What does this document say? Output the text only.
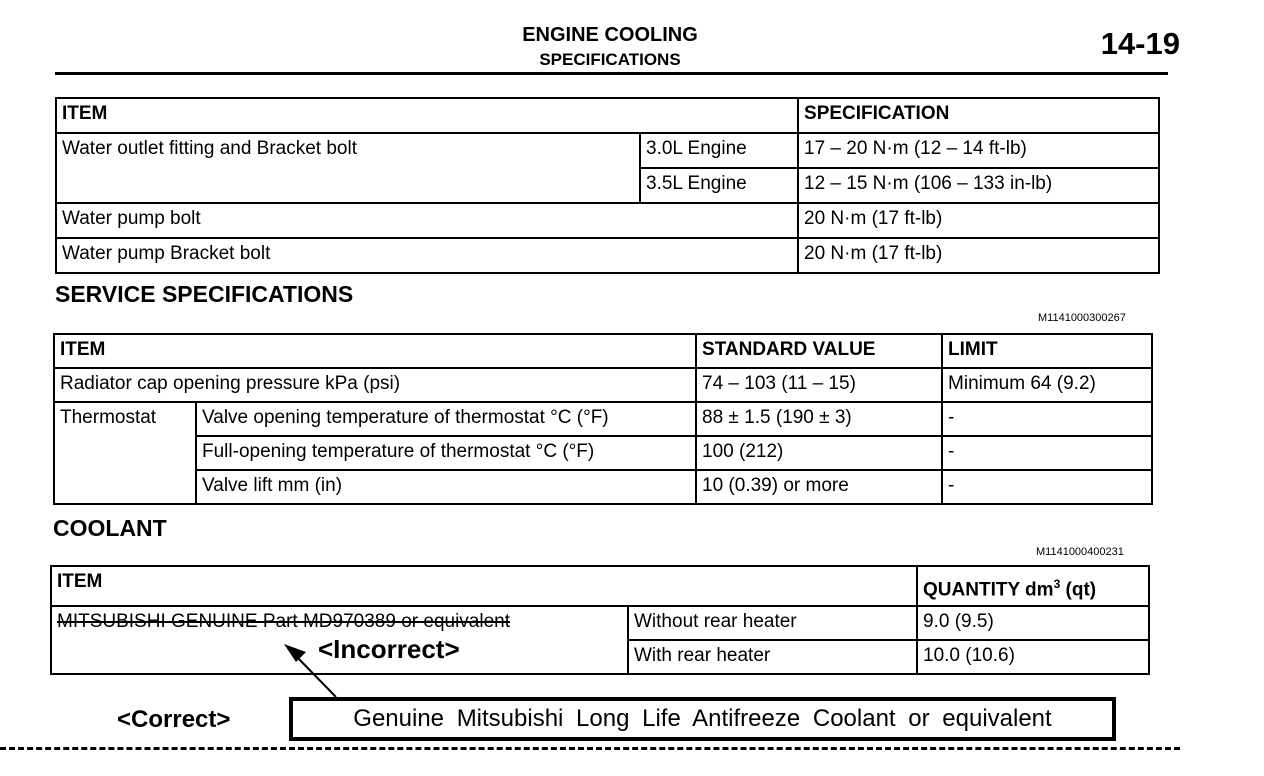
ENGINE COOLING
SPECIFICATIONS	14-19
ITEM		SPECIFICATION
Water outlet fitting and Bracket bolt	3.0L Engine	17 – 20 N·m (12 – 14 ft-lb)
	3.5L Engine	12 – 15 N·m (106 – 133 in-lb)
Water pump bolt		20 N·m (17 ft-lb)
Water pump Bracket bolt		20 N·m (17 ft-lb)
SERVICE SPECIFICATIONS
M1141000300267
ITEM		STANDARD VALUE	LIMIT
Radiator cap opening pressure kPa (psi)		74 – 103 (11 – 15)	Minimum 64 (9.2)
Thermostat	Valve opening temperature of thermostat °C (°F)	88 ± 1.5 (190 ± 3)	-
	Full-opening temperature of thermostat °C (°F)	100 (212)	-
	Valve lift mm (in)	10 (0.39) or more	-
COOLANT
M1141000400231
ITEM		QUANTITY $dm^3$ (qt)
MITSUBISHI GENUINE Part MD970389 or equivalent	Without rear heater	9.0 (9.5)
	With rear heater	10.0 (10.6)
<Incorrect>
<Correct>	Genuine Mitsubishi Long Life Antifreeze Coolant or equivalent
